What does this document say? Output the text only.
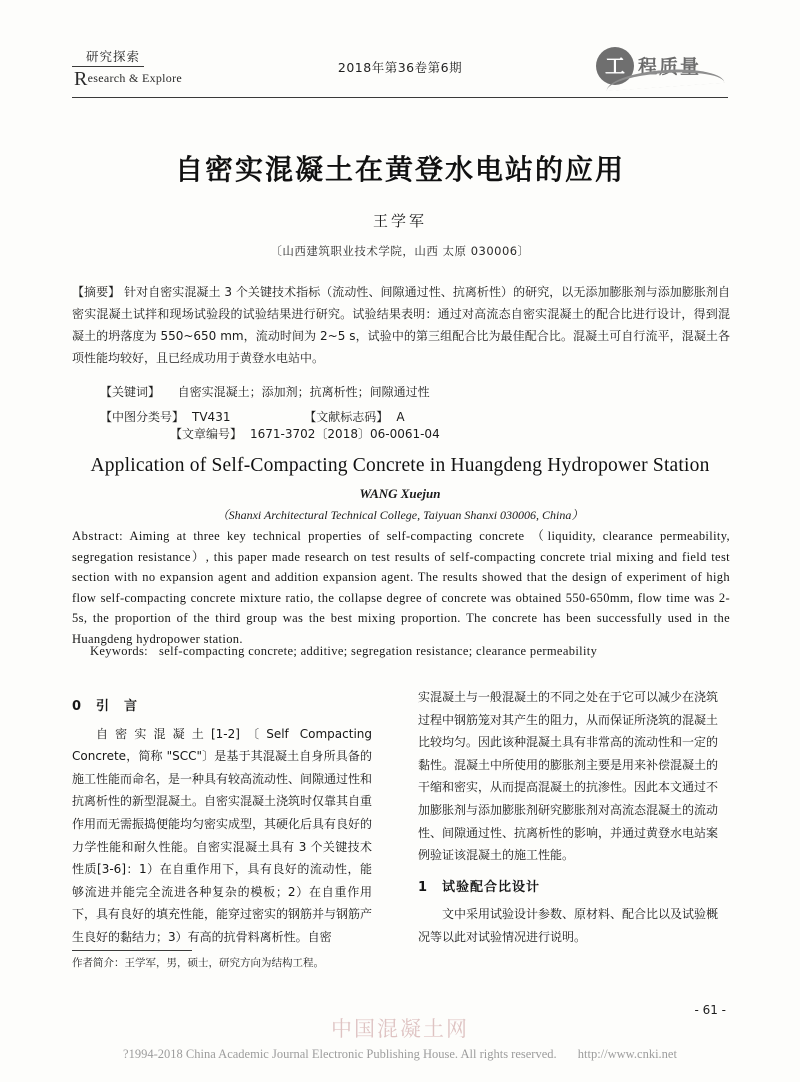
研究探索
Research & Explore
2018年第36卷第6期	工 程质量
自密实混凝土在黄登水电站的应用
王学军
〔山西建筑职业技术学院，山西 太原 030006〕
【摘要】 针对自密实混凝土 3 个关键技术指标（流动性、间隙通过性、抗离析性）的研究，以无添加膨胀剂与添加膨胀剂自密实混凝土试拌和现场试验段的试验结果进行研究。试验结果表明：通过对高流态自密实混凝土的配合比进行设计，得到混凝土的坍落度为 550~650 mm，流动时间为 2~5 s，试验中的第三组配合比为最佳配合比。混凝土可自行流平，混凝土各项性能均较好，且已经成功用于黄登水电站中。
【关键词】 自密实混凝土；添加剂；抗离析性；间隙通过性
【中图分类号】 TV431	【文献标志码】 A 【文章编号】 1671-3702〔2018〕06-0061-04
Application of Self-Compacting Concrete in Huangdeng Hydropower Station
WANG Xuejun
（Shanxi Architectural Technical College, Taiyuan Shanxi 030006, China）
Abstract: Aiming at three key technical properties of self-compacting concrete （liquidity, clearance permeability, segregation resistance）, this paper made research on test results of self-compacting concrete trial mixing and field test section with no expansion agent and addition expansion agent. The results showed that the design of experiment of high flow self-compacting concrete mixture ratio, the collapse degree of concrete was obtained 550-650mm, flow time was 2-5s, the proportion of the third group was the best mixing proportion. The concrete has been successfully used in the Huangdeng hydropower station.
Keywords: self-compacting concrete; additive; segregation resistance; clearance permeability
0 引　言
自密实混凝土[1-2]〔Self Compacting Concrete，简称 "SCC"〕是基于其混凝土自身所具备的施工性能而命名，是一种具有较高流动性、间隙通过性和抗离析性的新型混凝土。自密实混凝土浇筑时仅靠其自重作用而无需振捣便能均匀密实成型，其硬化后具有良好的力学性能和耐久性能。自密实混凝土具有 3 个关键技术性质[3-6]：1）在自重作用下，具有良好的流动性，能够流进并能完全流进各种复杂的模板；2）在自重作用下，具有良好的填充性能，能穿过密实的钢筋并与钢筋产生良好的黏结力；3）有高的抗骨料离析性。自密
实混凝土与一般混凝土的不同之处在于它可以减少在浇筑过程中钢筋笼对其产生的阻力，从而保证所浇筑的混凝土比较均匀。因此该种混凝土具有非常高的流动性和一定的黏性。混凝土中所使用的膨胀剂主要是用来补偿混凝土的干缩和密实，从而提高混凝土的抗渗性。因此本文通过不加膨胀剂与添加膨胀剂研究膨胀剂对高流态混凝土的流动性、间隙通过性、抗离析性的影响，并通过黄登水电站案例验证该混凝土的施工性能。
1 试验配合比设计
文中采用试验设计参数、原材料、配合比以及试验概况等以此对试验情况进行说明。
作者简介：王学军，男，硕士，研究方向为结构工程。
- 61 -
中国混凝土网
?1994-2018 China Academic Journal Electronic Publishing House. All rights reserved. http://www.cnki.net
